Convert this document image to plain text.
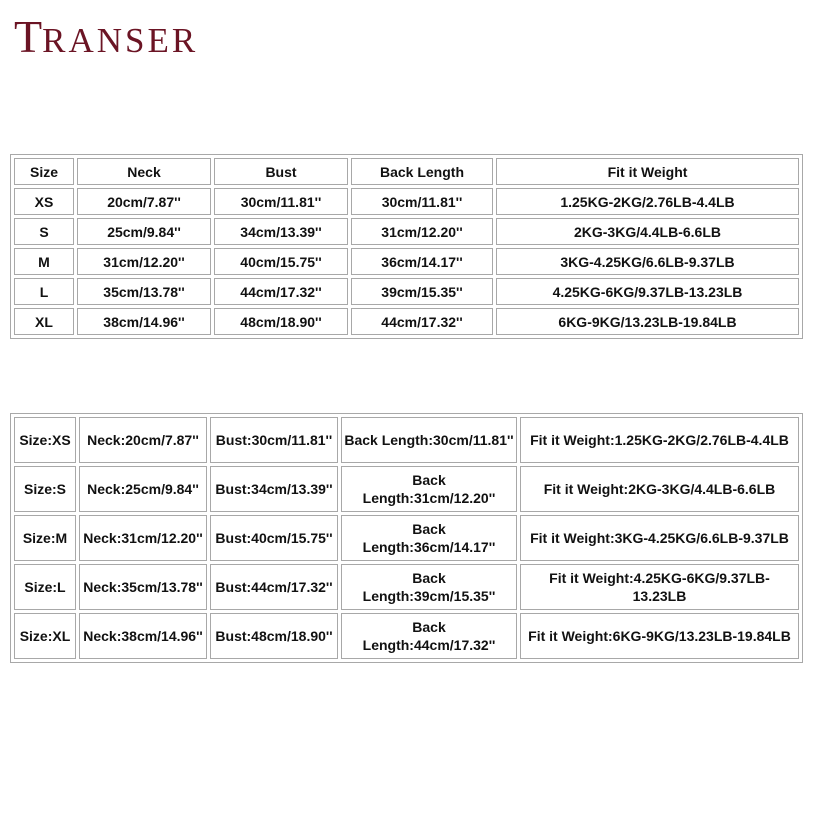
TRANSER
Size	Neck	Bust	Back Length	Fit it Weight
XS	20cm/7.87''	30cm/11.81''	30cm/11.81''	1.25KG-2KG/2.76LB-4.4LB
S	25cm/9.84''	34cm/13.39''	31cm/12.20''	2KG-3KG/4.4LB-6.6LB
M	31cm/12.20''	40cm/15.75''	36cm/14.17''	3KG-4.25KG/6.6LB-9.37LB
L	35cm/13.78''	44cm/17.32''	39cm/15.35''	4.25KG-6KG/9.37LB-13.23LB
XL	38cm/14.96''	48cm/18.90''	44cm/17.32''	6KG-9KG/13.23LB-19.84LB
Size:XS	Neck:20cm/7.87''	Bust:30cm/11.81''	Back Length:30cm/11.81''	Fit it Weight:1.25KG-2KG/2.76LB-4.4LB
Size:S	Neck:25cm/9.84''	Bust:34cm/13.39''	Back Length:31cm/12.20''	Fit it Weight:2KG-3KG/4.4LB-6.6LB
Size:M	Neck:31cm/12.20''	Bust:40cm/15.75''	Back Length:36cm/14.17''	Fit it Weight:3KG-4.25KG/6.6LB-9.37LB
Size:L	Neck:35cm/13.78''	Bust:44cm/17.32''	Back Length:39cm/15.35''	Fit it Weight:4.25KG-6KG/9.37LB-13.23LB
Size:XL	Neck:38cm/14.96''	Bust:48cm/18.90''	Back Length:44cm/17.32''	Fit it Weight:6KG-9KG/13.23LB-19.84LB
